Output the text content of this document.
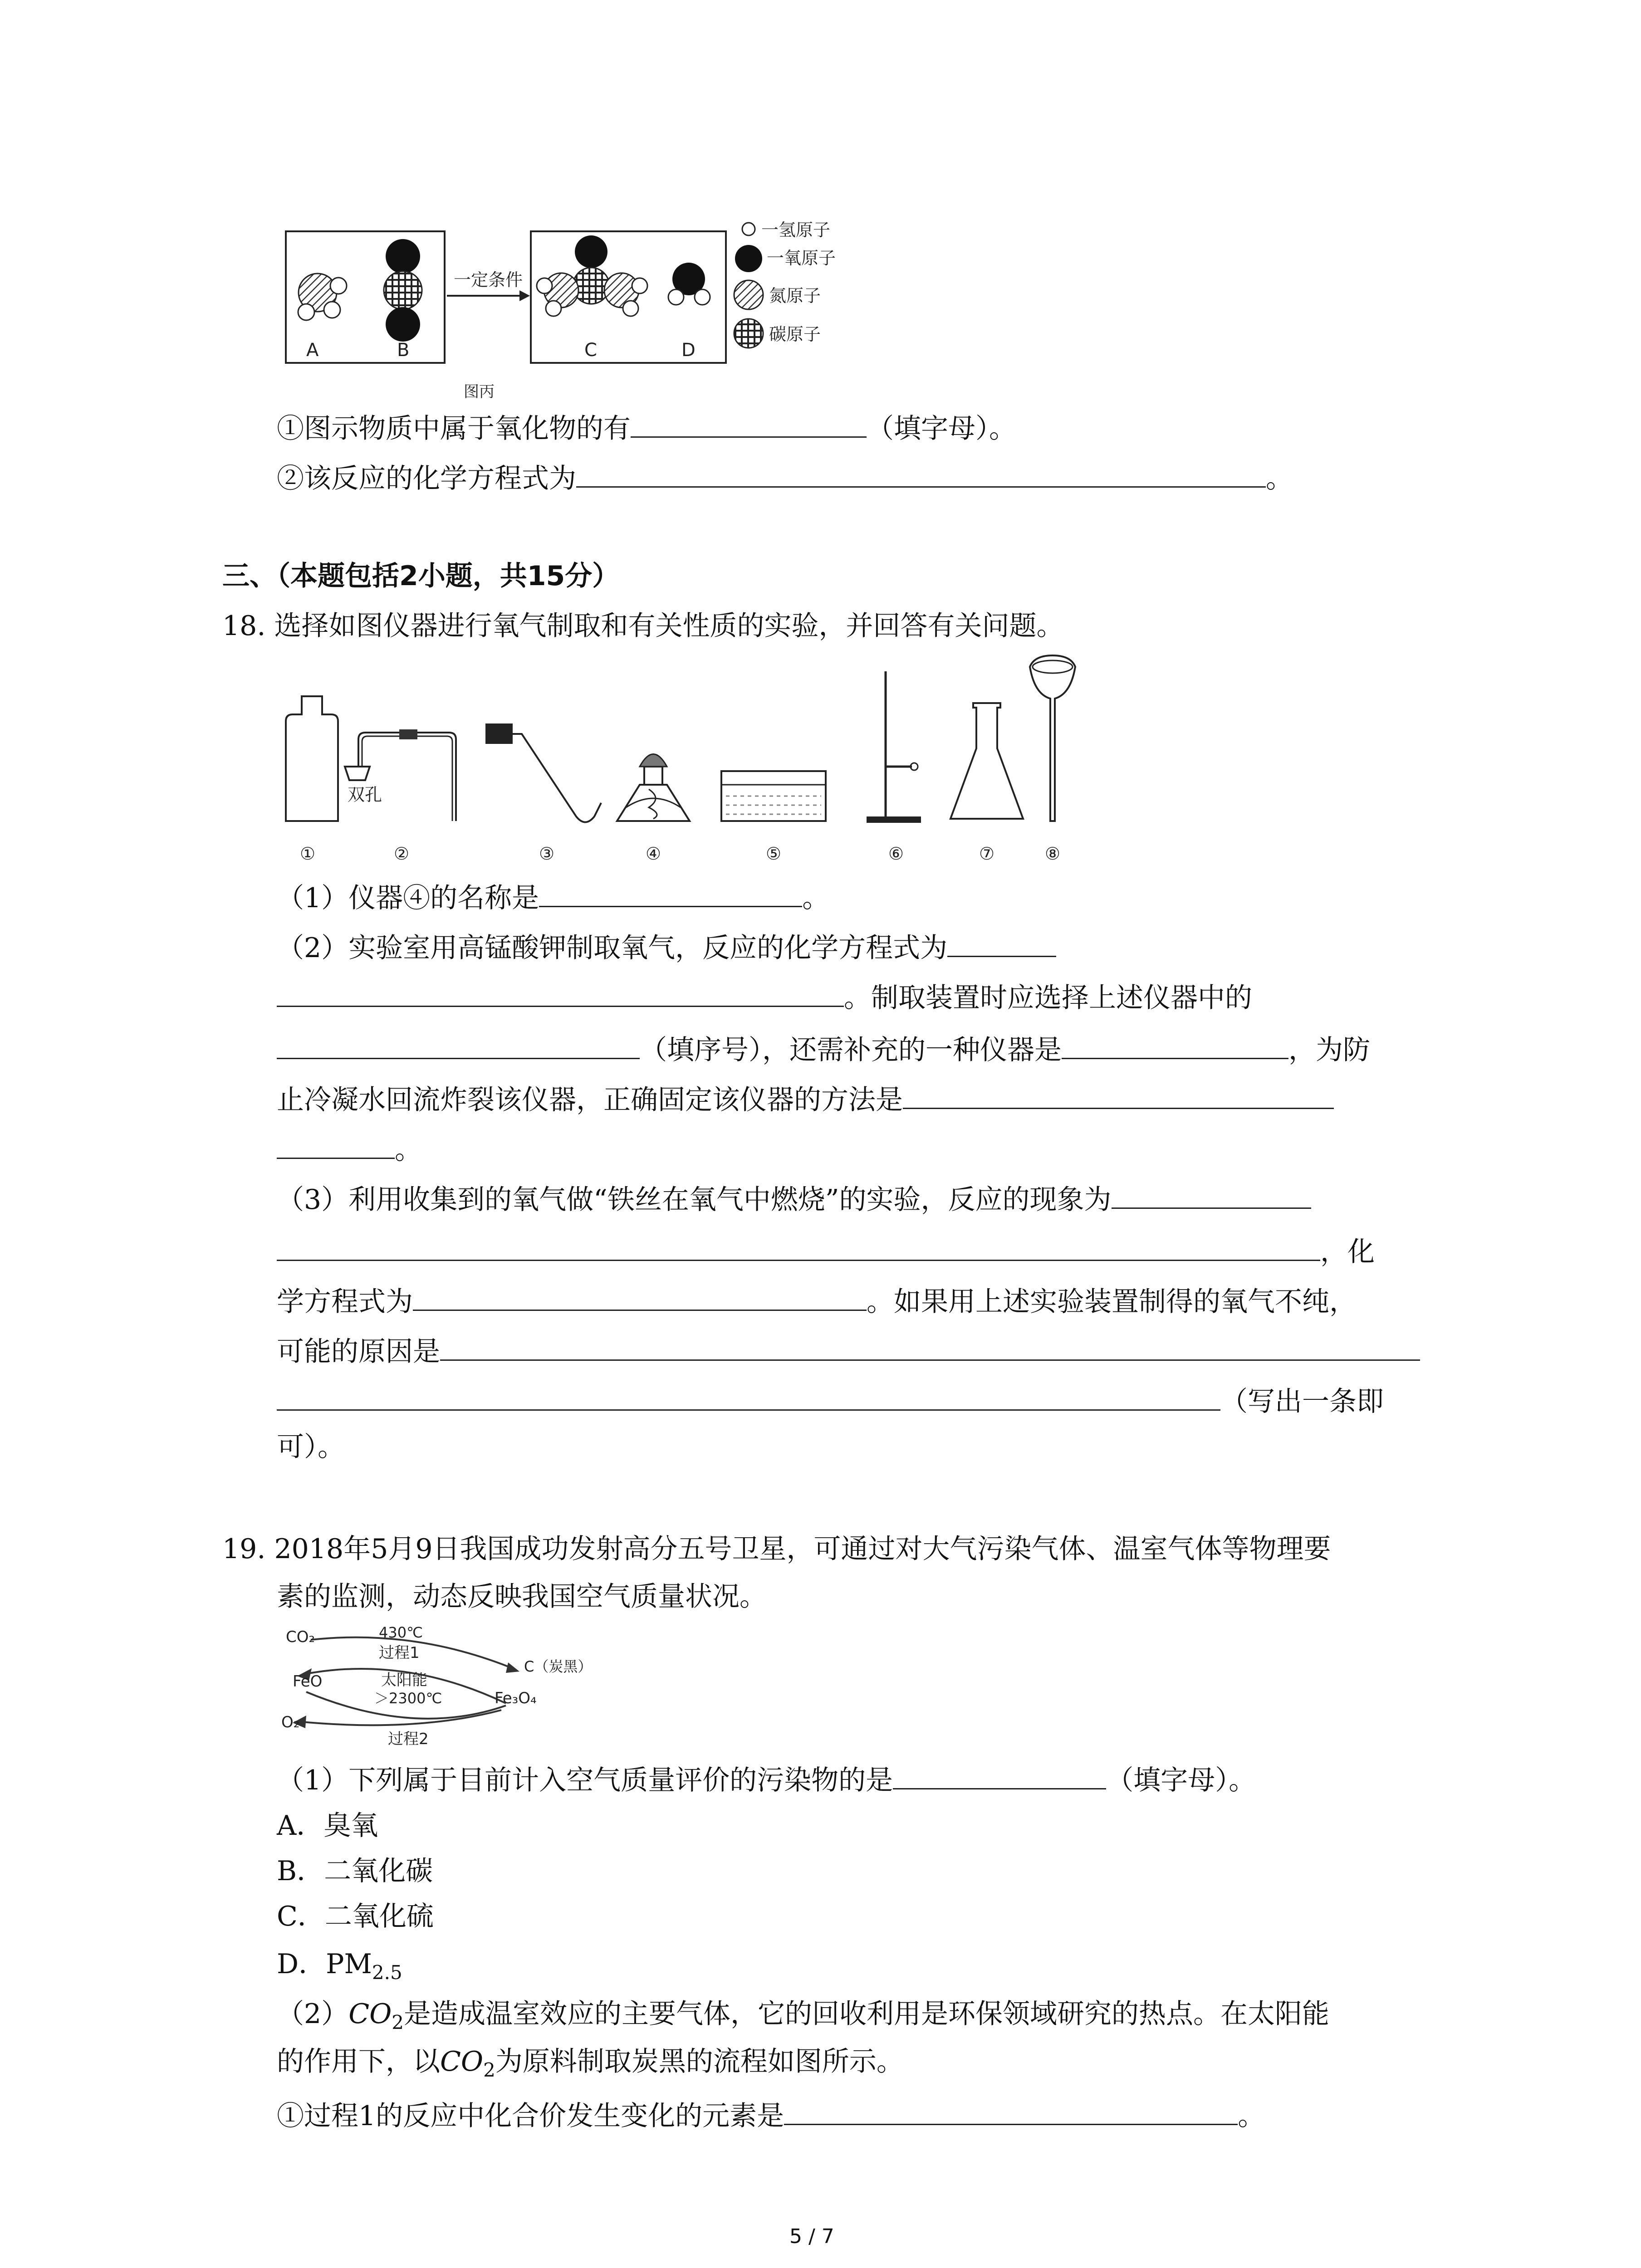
A	B
一定条件
C	D
一氢原子
一氧原子
氮原子
碳原子
图丙
①图示物质中属于氧化物的有	（填字母）。
②该反应的化学方程式为	。
三、（本题包括2小题，共15分）
18. 选择如图仪器进行氧气制取和有关性质的实验，并回答有关问题。
双孔
①	②	③	④	⑤	⑥	⑦	⑧
（1）仪器④的名称是	。
（2）实验室用高锰酸钾制取氧气，反应的化学方程式为
。制取装置时应选择上述仪器中的
（填序号），还需补充的一种仪器是	，为防
止冷凝水回流炸裂该仪器，正确固定该仪器的方法是
。
（3）利用收集到的氧气做“铁丝在氧气中燃烧”的实验，反应的现象为
，化
学方程式为	。如果用上述实验装置制得的氧气不纯，
可能的原因是
（写出一条即
可）。
19. 2018年5月9日我国成功发射高分五号卫星，可通过对大气污染气体、温室气体等物理要
素的监测，动态反映我国空气质量状况。
CO₂	430℃
过程1
C（炭黑）
FeO	太阳能
＞2300℃	Fe₃O₄
O₂
过程2
（1）下列属于目前计入空气质量评价的污染物的是	（填字母）。
A．臭氧
B．二氧化碳
C．二氧化硫
D．$PM_{2.5}$
$(2)CO_2$是造成温室效应的主要气体，它的回收利用是环保领域研究的热点。在太阳能
的作用下，以$CO_2$为原料制取炭黑的流程如图所示。
①过程1的反应中化合价发生变化的元素是	。
5 / 7
